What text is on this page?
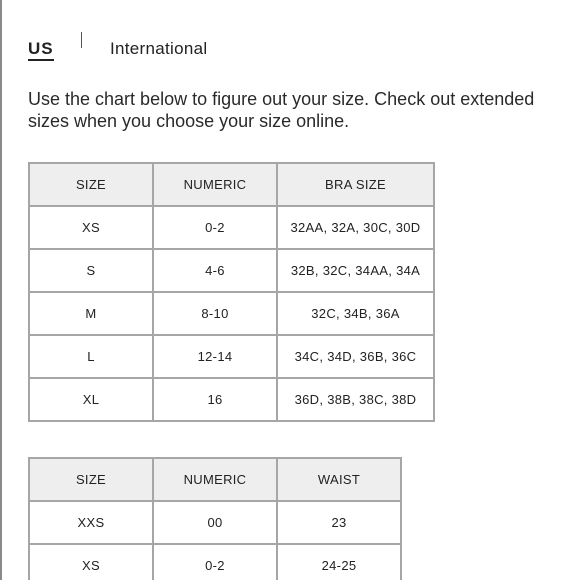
US	International

Use the chart below to figure out your size. Check out extended sizes when you choose your size online.

SIZE	NUMERIC	BRA SIZE
XS	0-2	32AA, 32A, 30C, 30D
S	4-6	32B, 32C, 34AA, 34A
M	8-10	32C, 34B, 36A
L	12-14	34C, 34D, 36B, 36C
XL	16	36D, 38B, 38C, 38D
SIZE	NUMERIC	WAIST
XXS	00	23
XS	0-2	24-25
